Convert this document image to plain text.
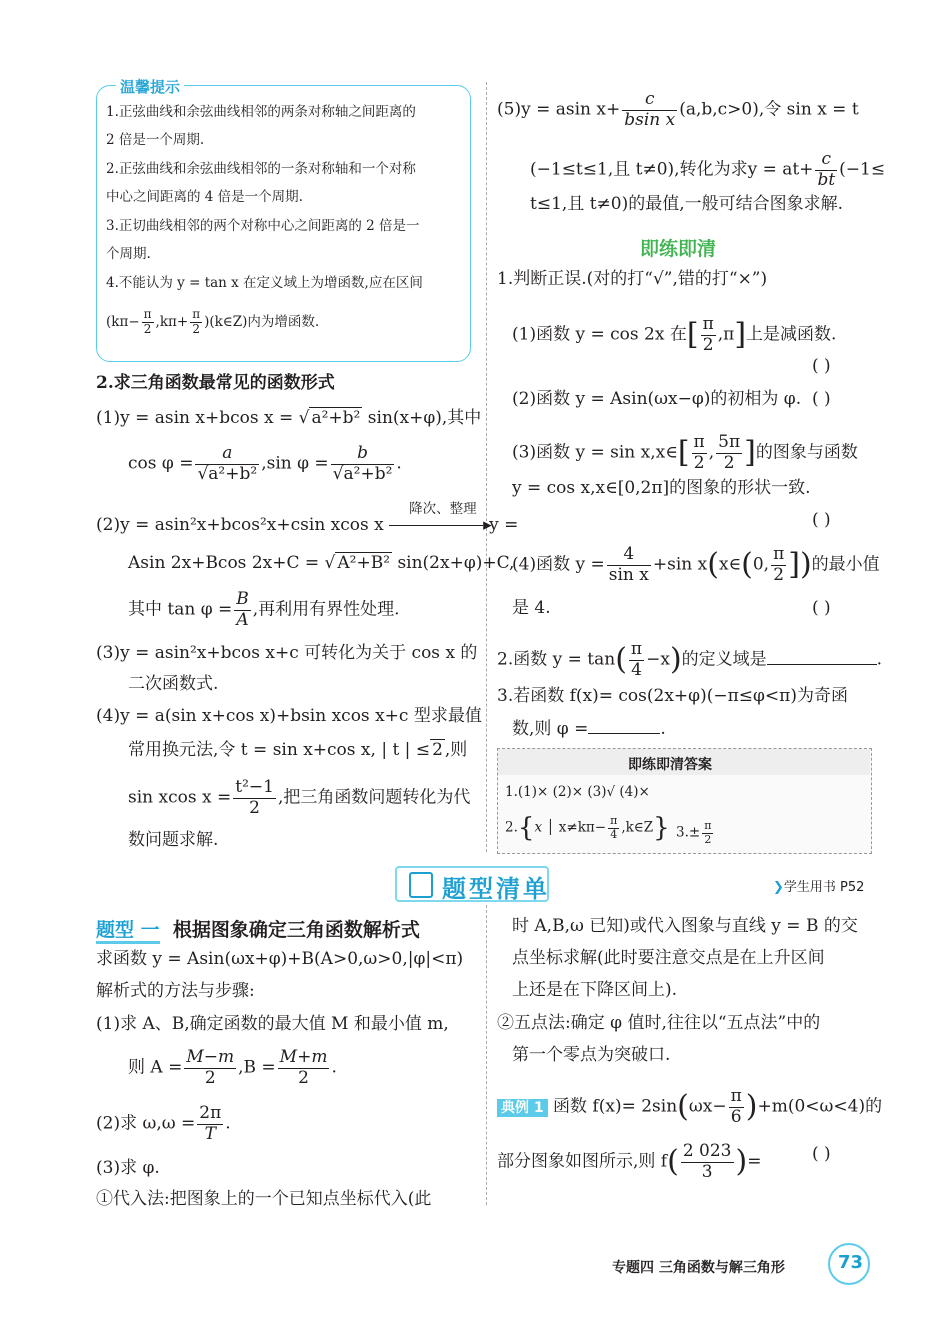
温馨提示
1.正弦曲线和余弦曲线相邻的两条对称轴之间距离的
2 倍是一个周期.
2.正弦曲线和余弦曲线相邻的一条对称轴和一个对称
中心之间距离的 4 倍是一个周期.
3.正切曲线相邻的两个对称中心之间距离的 2 倍是一
个周期.
4.不能认为 y = tan x 在定义域上为增函数,应在区间
($k\pi- \frac{\pi}{2} ,k\pi+ \frac{\pi}{2}$ )(k∈Z)内为增函数.
2.求三角函数最常见的函数形式
(1)y = asin x+bcos x = √ a²+b² sin(x+φ),其中
$\cos \varphi = \frac{a}{\text{√a²+b²}} ,\sin$ $\varphi = \frac{b}{\text{√a²+b²}}$ .
(2)y = asin²x+bcos²x+csin xcos x
降次、整理
▸y =
Asin 2x+Bcos 2x+C = √ A²+B² sin(2x+φ)+C,
其中 $\tan \varphi = \frac{B}{A}$ ,再利用有界性处理.
(3)y = asin²x+bcos x+c 可转化为关于 cos x 的
二次函数式.
(4)y = a(sin x+cos x)+bsin xcos x+c 型求最值
常用换元法,令 t = sin x+cos x, | t | ≤ 2 ,则
sin xcos $x = \frac{\text{t²−1}}{2}$ ,把三角函数问题转化为代
数问题求解.
(5)y = asin $x+ \frac{c}{\text{bsin x}} (a,b,c>0)$,令 sin x = t
(−1≤t≤1,且 t≠0),转化为求$y = at+ \frac{c}{bt} (-1\le$
t≤1,且 t≠0)的最值,一般可结合图象求解.
即练即清
1.判断正误.(对的打“√”,错的打“×”)
(1)函数 y = cos 2x 在[ $\frac{\pi}{2} ,\pi$]上是减函数.
( )
(2)函数 y = Asin(ωx−φ)的初相为 φ. ( )
(3)函数 y = sin x,x∈[ $\frac{\pi}{2}$ , $\frac{5\pi}{2}$ ]的图象与函数
y = cos x,x∈[0,2π]的图象的形状一致.
( )
(4)函数 $y = \frac{4}{\text{sin x}} +\sin$ x(x∈(0, $\frac{\pi}{2}$ ])的最小值
是 4.	( )
2.函数 $y = \tan( \frac{\pi}{4} -x)$的定义域是	.
3.若函数 f(x)= cos(2x+φ)(−π≤φ<π)为奇函
数,则 φ =	.
即练即清答案
1.(1)× (2)× (3)√ (4)×
2.{x │ $x\ne k\pi- \frac{\pi}{4}$ ,k∈Z} $3.\pm \frac{\pi}{2}$
题型清单	❯学生用书 P52
题型 一 根据图象确定三角函数解析式
求函数 y = Asin(ωx+φ)+B(A>0,ω>0,|φ|<π)
解析式的方法与步骤:
(1)求 A、B,确定函数的最大值 M 和最小值 m,
则 $A = \frac{M-m}{2} ,B = \frac{M+m}{2}$ .
(2)求 $\omega,\omega = \frac{2\pi}{T}$ .
(3)求 φ.
①代入法:把图象上的一个已知点坐标代入(此
时 A,B,ω 已知)或代入图象与直线 y = B 的交
点坐标求解(此时要注意交点是在上升区间
上还是在下降区间上).
②五点法:确定 φ 值时,往往以“五点法”中的
第一个零点为突破口.
典例 1 函数 $f(x)= 2\sin(\omega x- \frac{\pi}{6} )+m(0<\omega<4)$的
部分图象如图所示,则 $f( \frac{2 023}{3}$ )=	( )
专题四 三角函数与解三角形	73
